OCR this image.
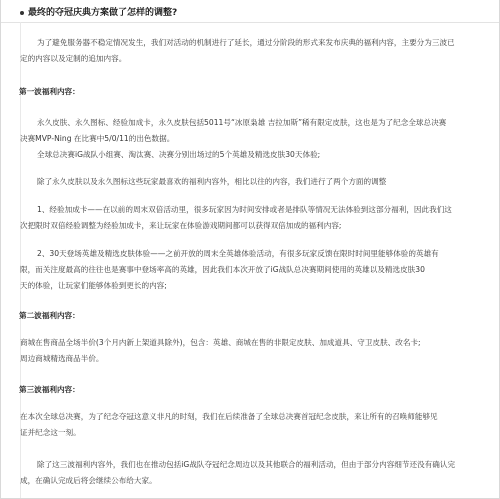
最终的夺冠庆典方案做了怎样的调整?
为了避免服务器不稳定情况发生，我们对活动的机制进行了延长，通过分阶段的形式来发布庆典的福利内容，主要分为三波已
定的内容以及定制的追加内容。
第一波福利内容：
永久皮肤、永久图标、经验加成卡，永久皮肤包括5011号“冰原枭雄 吉拉加斯”稀有限定皮肤，这也是为了纪念全球总决赛
决赛MVP-Ning 在比赛中5/0/11的出色数据。
全球总决赛iG战队小组赛、淘汰赛、决赛分别出场过的5个英雄及精选皮肤30天体验;
除了永久皮肤以及永久图标这些玩家最喜欢的福利内容外，相比以往的内容，我们进行了两个方面的调整
1、经验加成卡——在以前的周末双倍活动里，很多玩家因为时间安排或者是排队等情况无法体验到这部分福利，因此我们这
次把限时双倍经验调整为经验加成卡，来让玩家在体验游戏期间都可以获得双倍加成的福利内容;
2、30天登场英雄及精选皮肤体验——之前开放的周末全英雄体验活动，有很多玩家反馈在限时时间里能够体验的英雄有
限，而关注度最高的往往也是赛事中登场率高的英雄，因此我们本次开放了iG战队总决赛期间使用的英雄以及精选皮肤30
天的体验，让玩家们能够体验到更长的内容;
第二波福利内容：
商城在售商品全场半价(3个月内新上架道具除外)，包含：英雄、商城在售的非限定皮肤、加成道具、守卫皮肤、改名卡;
周边商城精选商品半价。
第三波福利内容：
在本次全球总决赛，为了纪念夺冠这意义非凡的时刻，我们在后续准备了全球总决赛首冠纪念皮肤，来让所有的召唤师能够见
证并纪念这一刻。
除了这三波福利内容外，我们也在推动包括iG战队夺冠纪念周边以及其他联合的福利活动，但由于部分内容细节还没有确认完
成，在确认完成后将会继续公布给大家。
